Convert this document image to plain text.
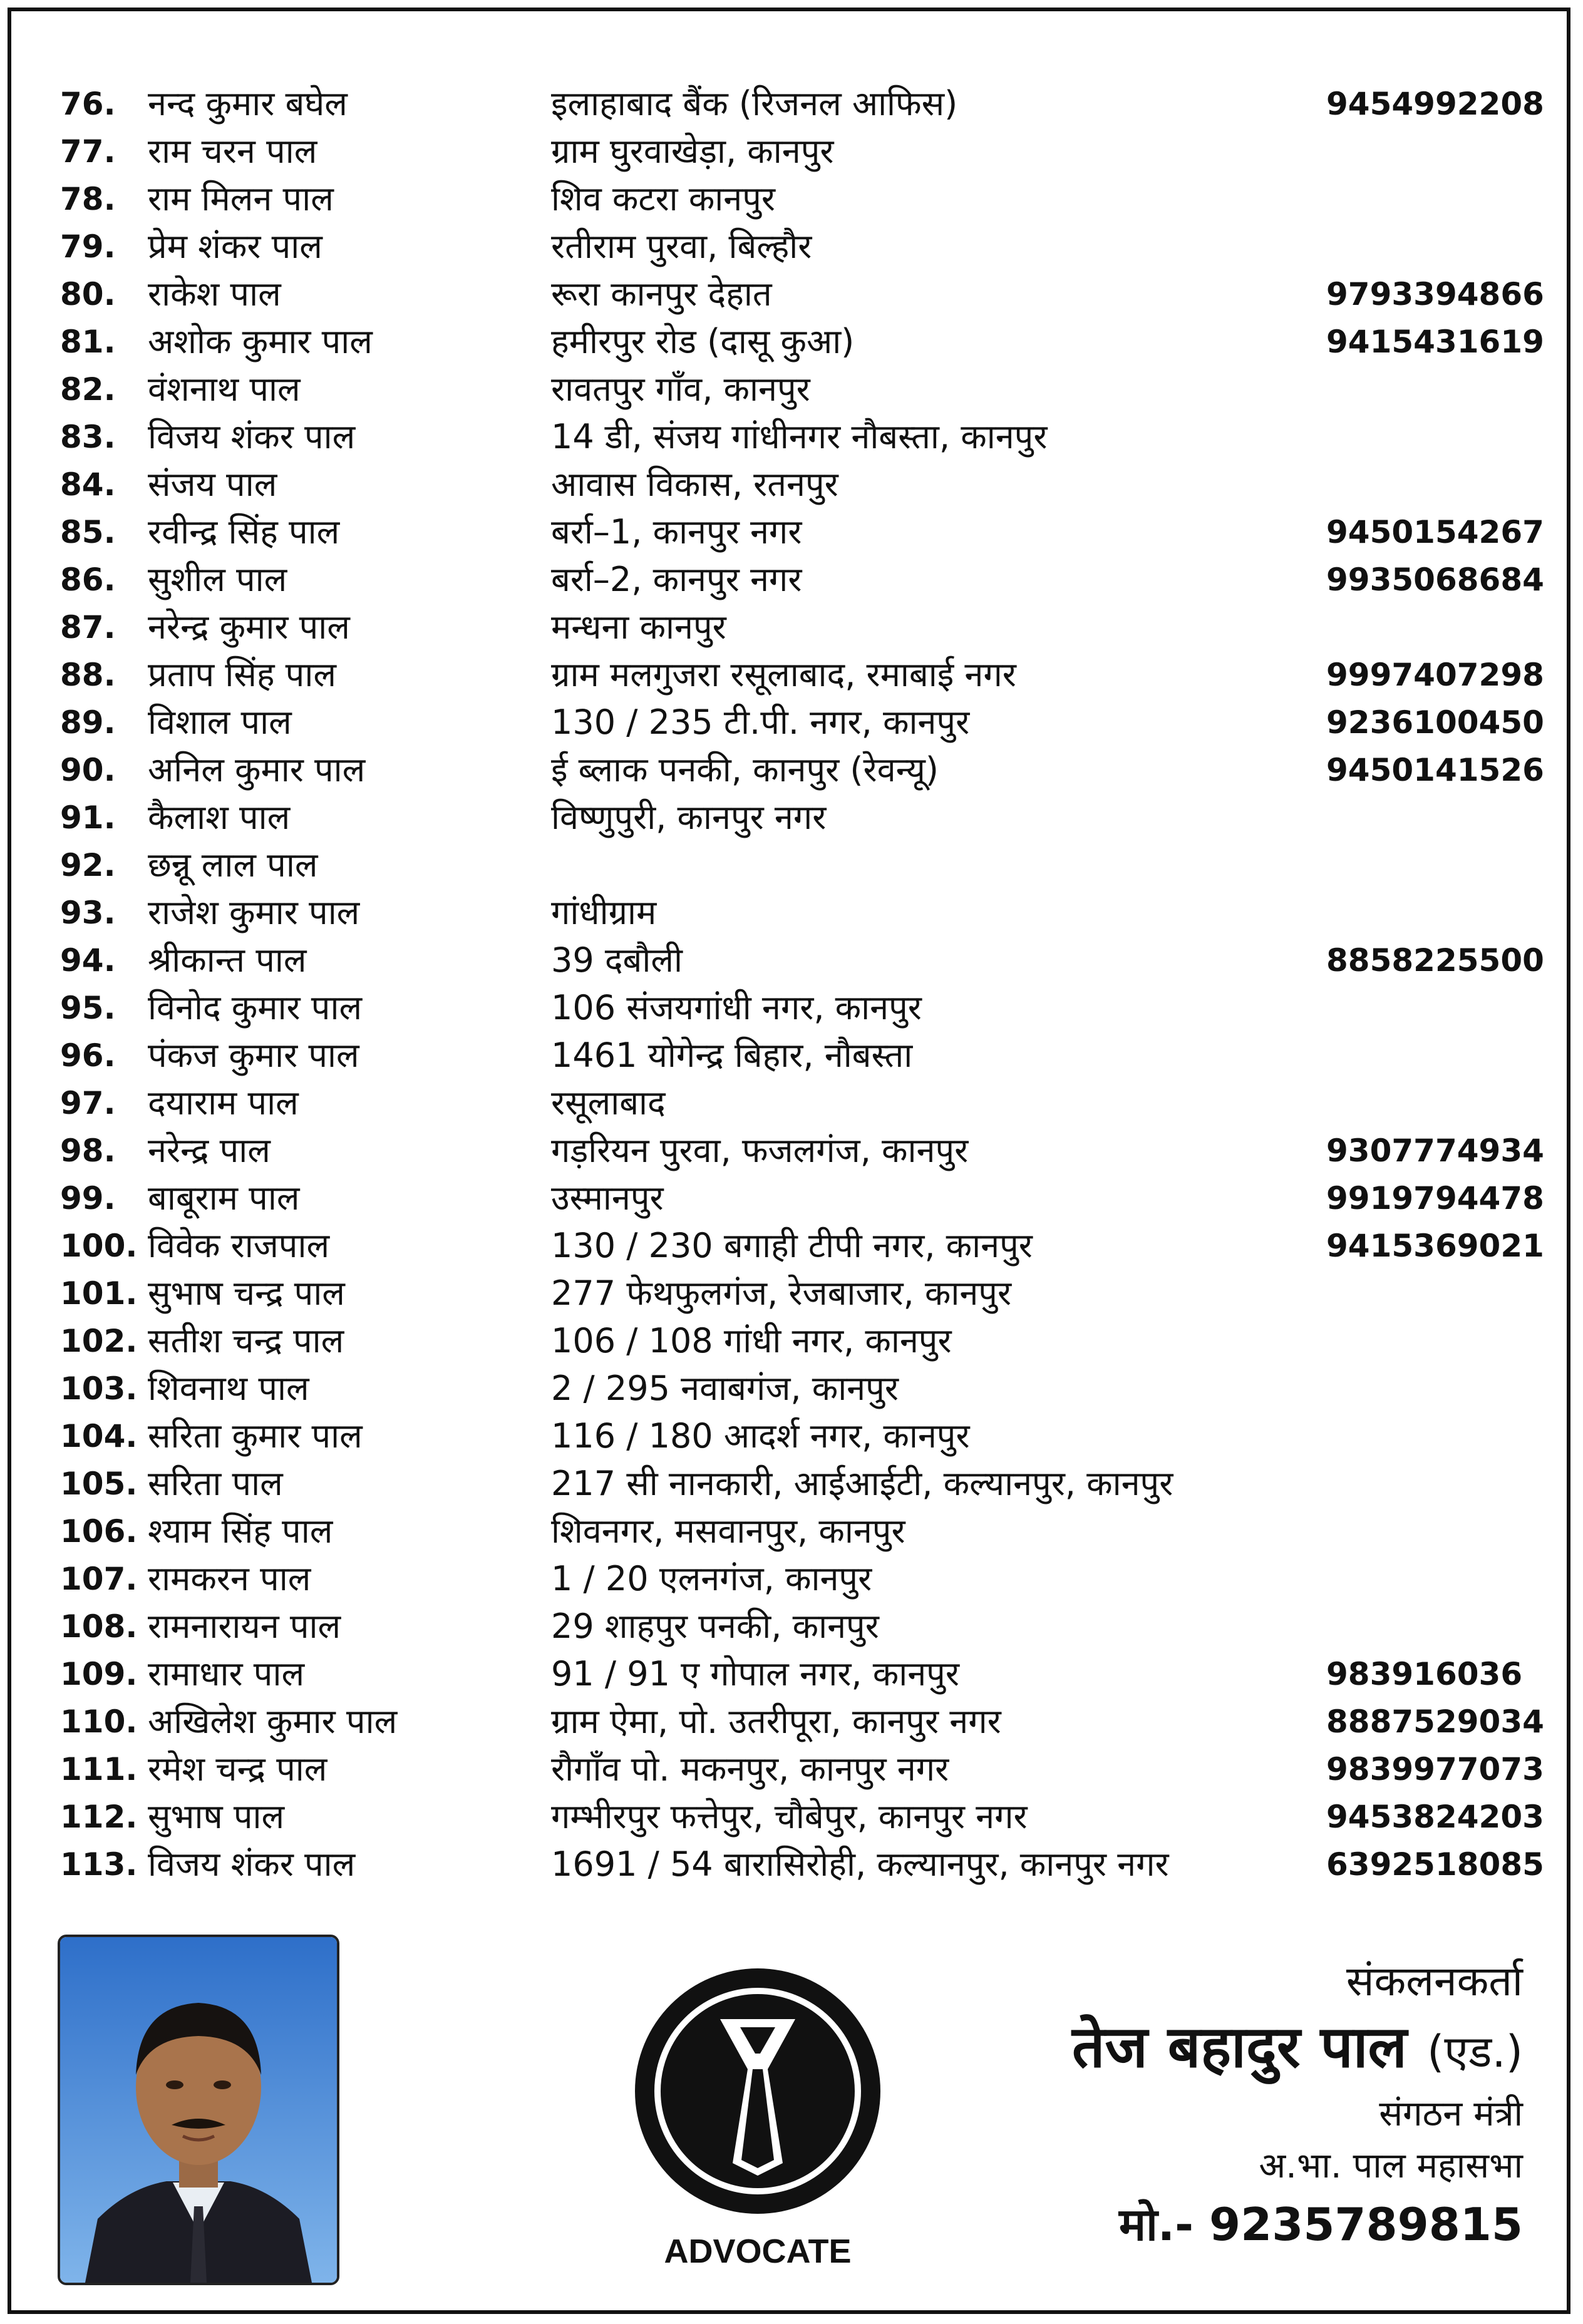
76. नन्द कुमार बघेल	इलाहाबाद बैंक (रिजनल आफिस)	9454992208
77. राम चरन पाल	ग्राम घुरवाखेड़ा, कानपुर
78. राम मिलन पाल	शिव कटरा कानपुर
79. प्रेम शंकर पाल	रतीराम पुरवा, बिल्हौर
80. राकेश पाल	रूरा कानपुर देहात	9793394866
81. अशोक कुमार पाल	हमीरपुर रोड (दासू कुआ)	9415431619
82. वंशनाथ पाल	रावतपुर गाँव, कानपुर
83. विजय शंकर पाल	14 डी, संजय गांधीनगर नौबस्ता, कानपुर
84. संजय पाल	आवास विकास, रतनपुर
85. रवीन्द्र सिंह पाल	बर्रा–1, कानपुर नगर	9450154267
86. सुशील पाल	बर्रा–2, कानपुर नगर	9935068684
87. नरेन्द्र कुमार पाल	मन्धना कानपुर
88. प्रताप सिंह पाल	ग्राम मलगुजरा रसूलाबाद, रमाबाई नगर	9997407298
89. विशाल पाल	130 / 235 टी.पी. नगर, कानपुर	9236100450
90. अनिल कुमार पाल	ई ब्लाक पनकी, कानपुर (रेवन्यू)	9450141526
91. कैलाश पाल	विष्णुपुरी, कानपुर नगर
92. छन्नू लाल पाल
93. राजेश कुमार पाल	गांधीग्राम
94. श्रीकान्त पाल	39 दबौली	8858225500
95. विनोद कुमार पाल	106 संजयगांधी नगर, कानपुर
96. पंकज कुमार पाल	1461 योगेन्द्र बिहार, नौबस्ता
97. दयाराम पाल	रसूलाबाद
98. नरेन्द्र पाल	गड़रियन पुरवा, फजलगंज, कानपुर	9307774934
99. बाबूराम पाल	उस्मानपुर	9919794478
100. विवेक राजपाल	130 / 230 बगाही टीपी नगर, कानपुर	9415369021
101. सुभाष चन्द्र पाल	277 फेथफुलगंज, रेजबाजार, कानपुर
102. सतीश चन्द्र पाल	106 / 108 गांधी नगर, कानपुर
103. शिवनाथ पाल	2 / 295 नवाबगंज, कानपुर
104. सरिता कुमार पाल	116 / 180 आदर्श नगर, कानपुर
105. सरिता पाल	217 सी नानकारी, आईआईटी, कल्यानपुर, कानपुर
106. श्याम सिंह पाल	शिवनगर, मसवानपुर, कानपुर
107. रामकरन पाल	1 / 20 एलनगंज, कानपुर
108. रामनारायन पाल	29 शाहपुर पनकी, कानपुर
109. रामाधार पाल	91 / 91 ए गोपाल नगर, कानपुर	983916036
110. अखिलेश कुमार पाल	ग्राम ऐमा, पो. उतरीपूरा, कानपुर नगर	8887529034
111. रमेश चन्द्र पाल	रौगाँव पो. मकनपुर, कानपुर नगर	9839977073
112. सुभाष पाल	गम्भीरपुर फत्तेपुर, चौबेपुर, कानपुर नगर	9453824203
113. विजय शंकर पाल	1691 / 54 बारासिरोही, कल्यानपुर, कानपुर नगर	6392518085
ADVOCATE
संकलनकर्ता
तेज बहादुर पाल (एड.)
संगठन मंत्री
अ.भा. पाल महासभा
मो.- 9235789815
